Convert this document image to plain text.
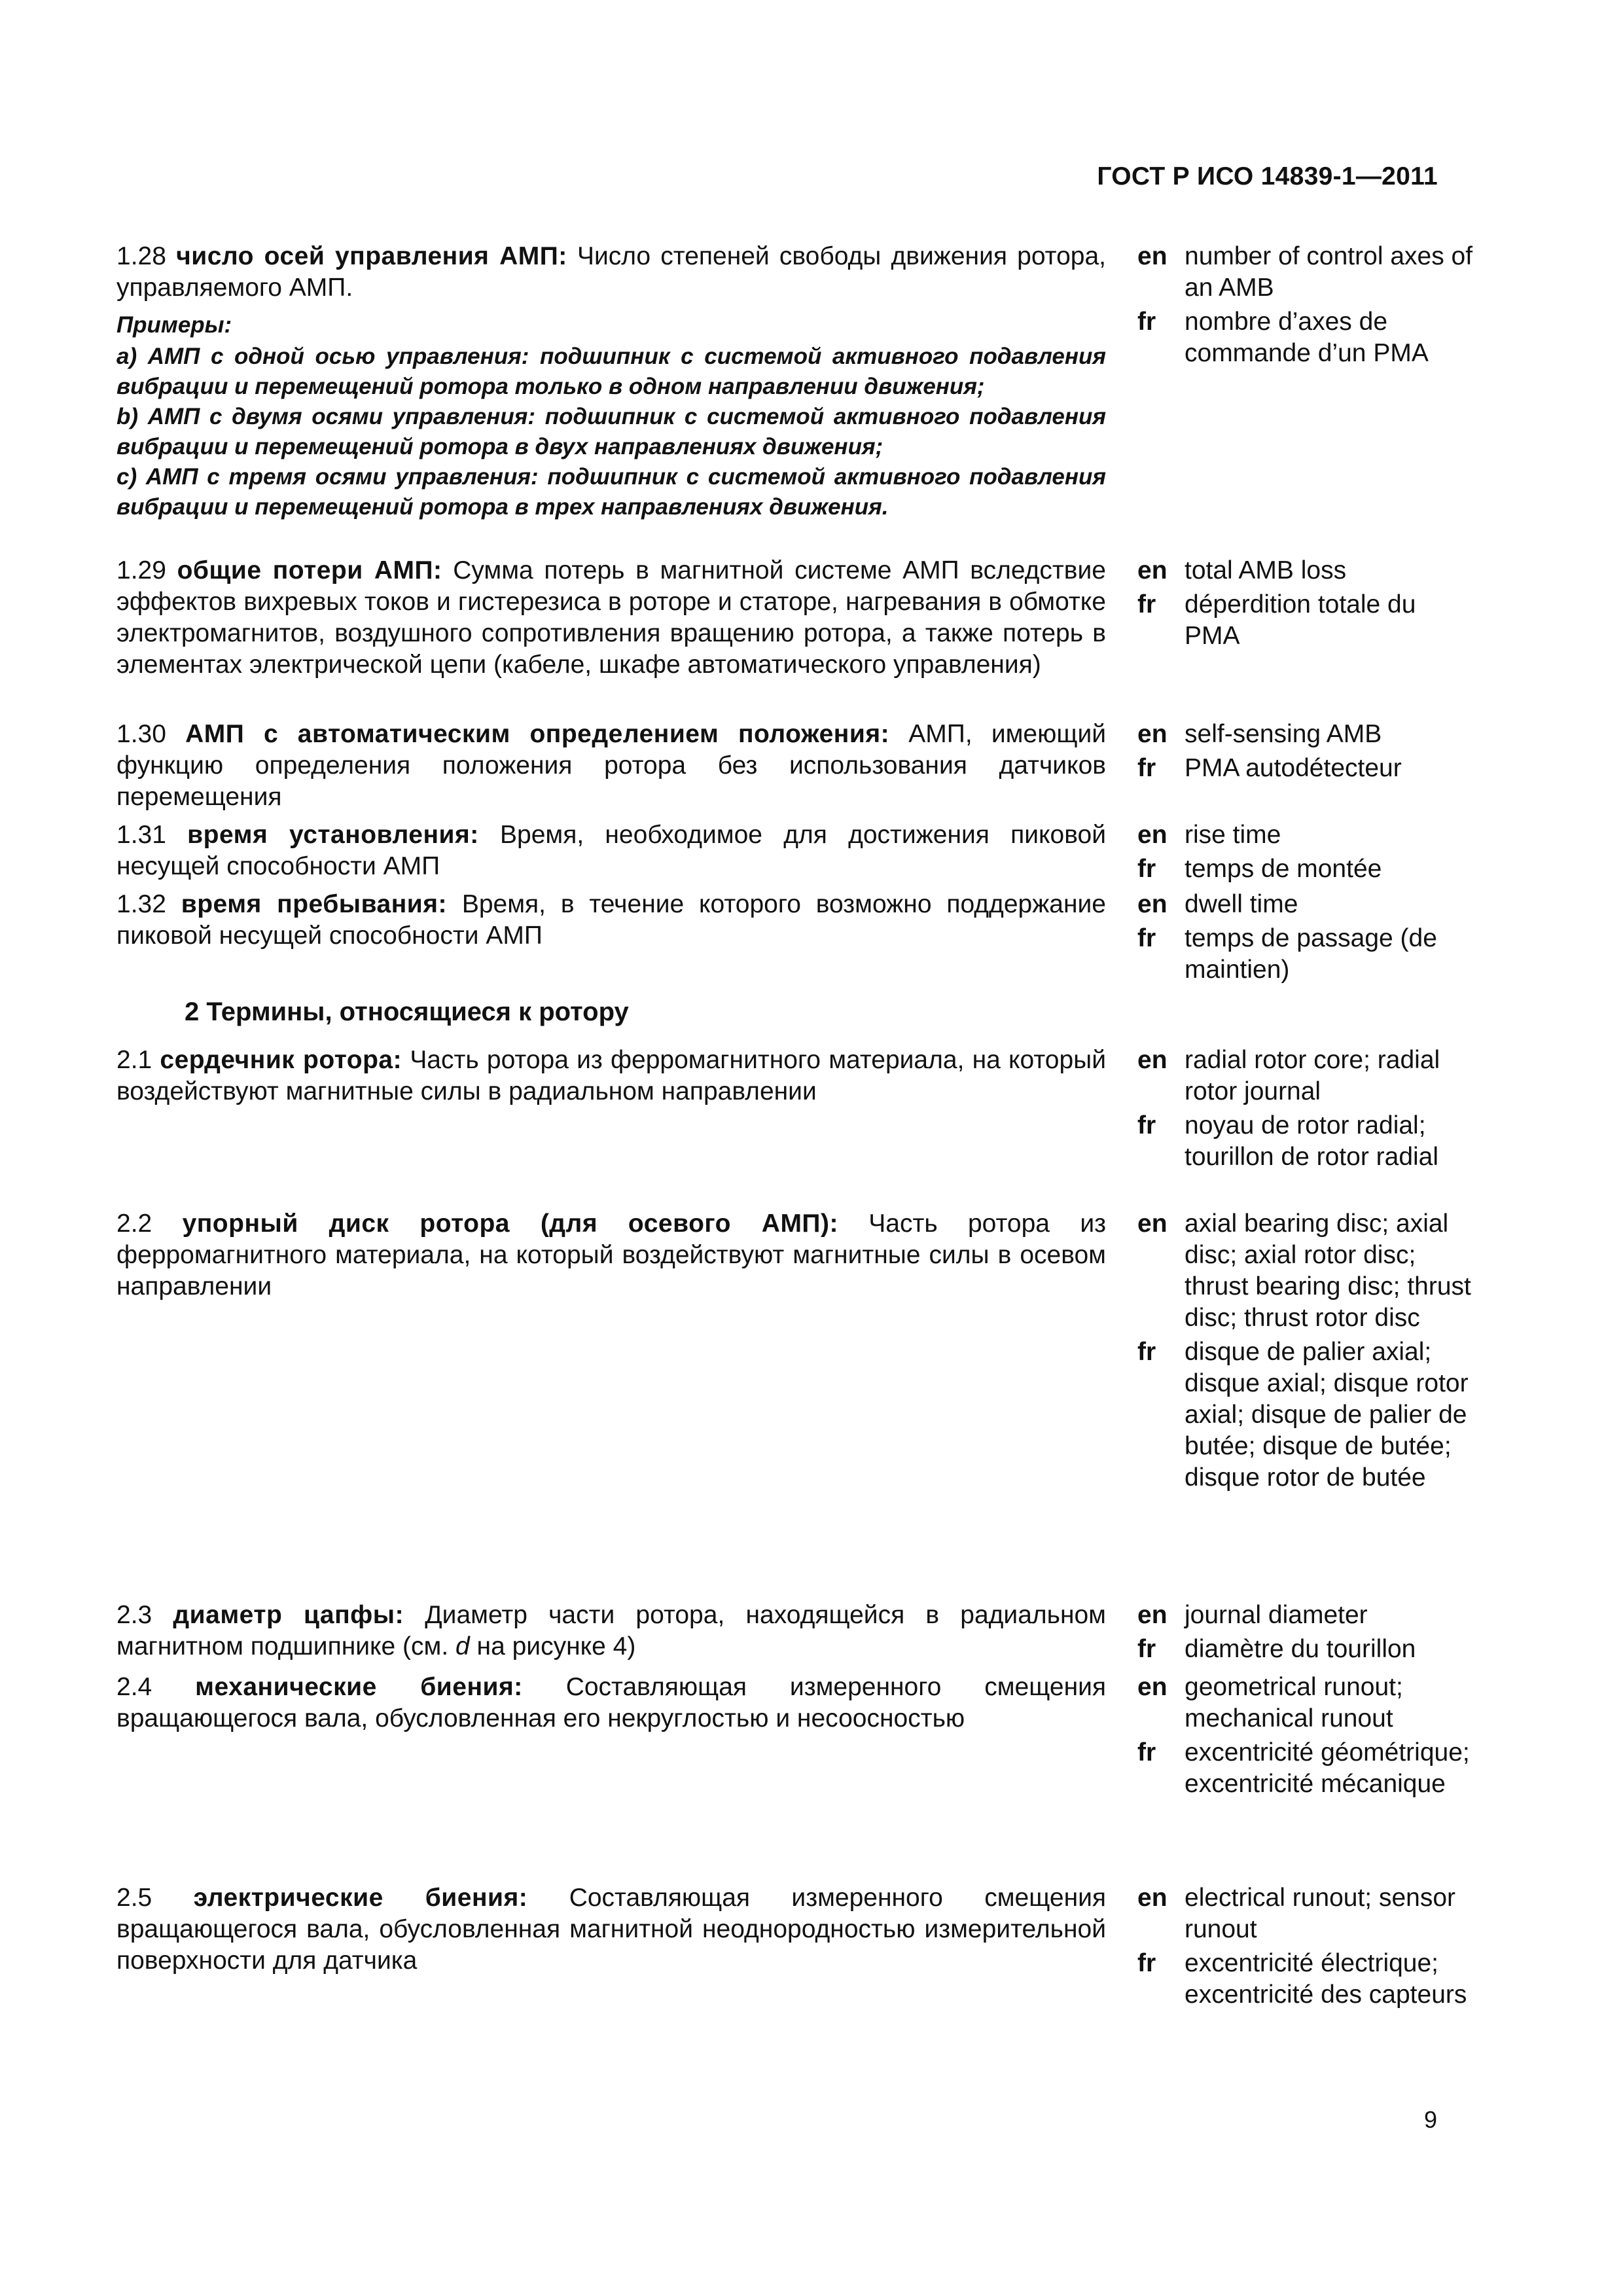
ГОСТ Р ИСО 14839-1—2011
1.28 число осей управления АМП: Число степеней свободы движения ротора, управляемого АМП.
Примеры:
а) АМП с одной осью управления: подшипник с системой активного подавления вибрации и перемещений ротора только в одном направлении движения;
b) АМП с двумя осями управления: подшипник с системой активного подавления вибрации и перемещений ротора в двух направлениях движения;
c) АМП с тремя осями управления: подшипник с системой активного подавления вибрации и перемещений ротора в трех направлениях движения.
en number of control axes of an AMB
fr	nombre d’axes de commande d’un PMA
1.29 общие потери АМП: Сумма потерь в магнитной системе АМП вследствие эффектов вихревых токов и гистерезиса в роторе и статоре, нагревания в обмотке электромагнитов, воздушного сопротивления вращению ротора, а также потерь в элементах электрической цепи (кабеле, шкафе автоматического управления)
en total AMB loss
fr	déperdition totale du PMA
1.30 АМП с автоматическим определением положения: АМП, имеющий функцию определения положения ротора без использования датчиков перемещения
en self-sensing AMB
fr	PMA autodétecteur
1.31 время установления: Время, необходимое для достижения пиковой несущей способности АМП
en rise time
fr	temps de montée
1.32 время пребывания: Время, в течение которого возможно поддержание пиковой несущей способности АМП
en dwell time
fr	temps de passage (de maintien)
2 Термины, относящиеся к ротору
2.1 сердечник ротора: Часть ротора из ферромагнитного материала, на который воздействуют магнитные силы в радиальном направлении
en radial rotor core; radial rotor journal
fr	noyau de rotor radial; tourillon de rotor radial
2.2 упорный диск ротора (для осевого АМП): Часть ротора из ферромагнитного материала, на который воздействуют магнитные силы в осевом направлении
en axial bearing disc; axial disc; axial rotor disc; thrust bearing disc; thrust disc; thrust rotor disc
fr	disque de palier axial; disque axial; disque rotor axial; disque de palier de butée; disque de butée; disque rotor de butée
2.3 диаметр цапфы: Диаметр части ротора, находящейся в радиальном магнитном подшипнике (см. d на рисунке 4)
en journal diameter
fr	diamètre du tourillon
2.4 механические биения: Составляющая измеренного смещения вращающегося вала, обусловленная его некруглостью и несоосностью
en geometrical runout; mechanical runout
fr	excentricité géométrique; excentricité mécanique
2.5 электрические биения: Составляющая измеренного смещения вращающегося вала, обусловленная магнитной неоднородностью измерительной поверхности для датчика
en electrical runout; sensor runout
fr	excentricité électrique; excentricité des capteurs
9
